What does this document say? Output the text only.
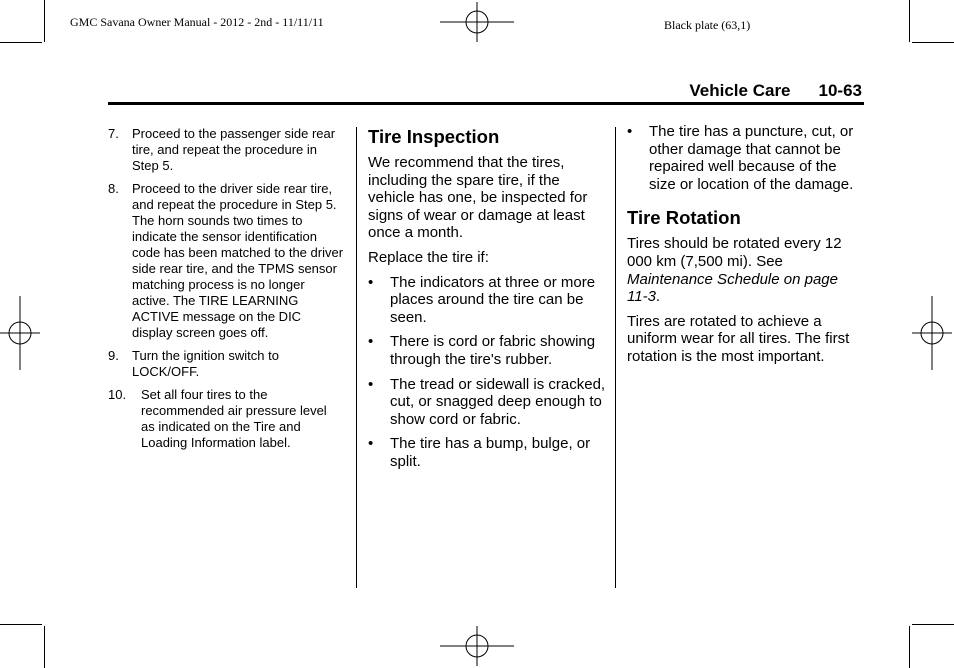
GMC Savana Owner Manual - 2012 - 2nd - 11/11/11	Black plate (63,1)
Vehicle Care 10-63
7. Proceed to the passenger side rear tire, and repeat the procedure in Step 5.
8. Proceed to the driver side rear tire, and repeat the procedure in Step 5. The horn sounds two times to indicate the sensor identification code has been matched to the driver side rear tire, and the TPMS sensor matching process is no longer active. The TIRE LEARNING ACTIVE message on the DIC display screen goes off.
9. Turn the ignition switch to LOCK/OFF.
10. Set all four tires to the recommended air pressure level as indicated on the Tire and Loading Information label.
Tire Inspection

We recommend that the tires, including the spare tire, if the vehicle has one, be inspected for signs of wear or damage at least once a month.

Replace the tire if:

• The indicators at three or more places around the tire can be seen.
• There is cord or fabric showing through the tire's rubber.
• The tread or sidewall is cracked, cut, or snagged deep enough to show cord or fabric.
• The tire has a bump, bulge, or split.
• The tire has a puncture, cut, or other damage that cannot be repaired well because of the size or location of the damage.
Tire Rotation

Tires should be rotated every 12 000 km (7,500 mi). See Maintenance Schedule on page 11-3.

Tires are rotated to achieve a uniform wear for all tires. The first rotation is the most important.
